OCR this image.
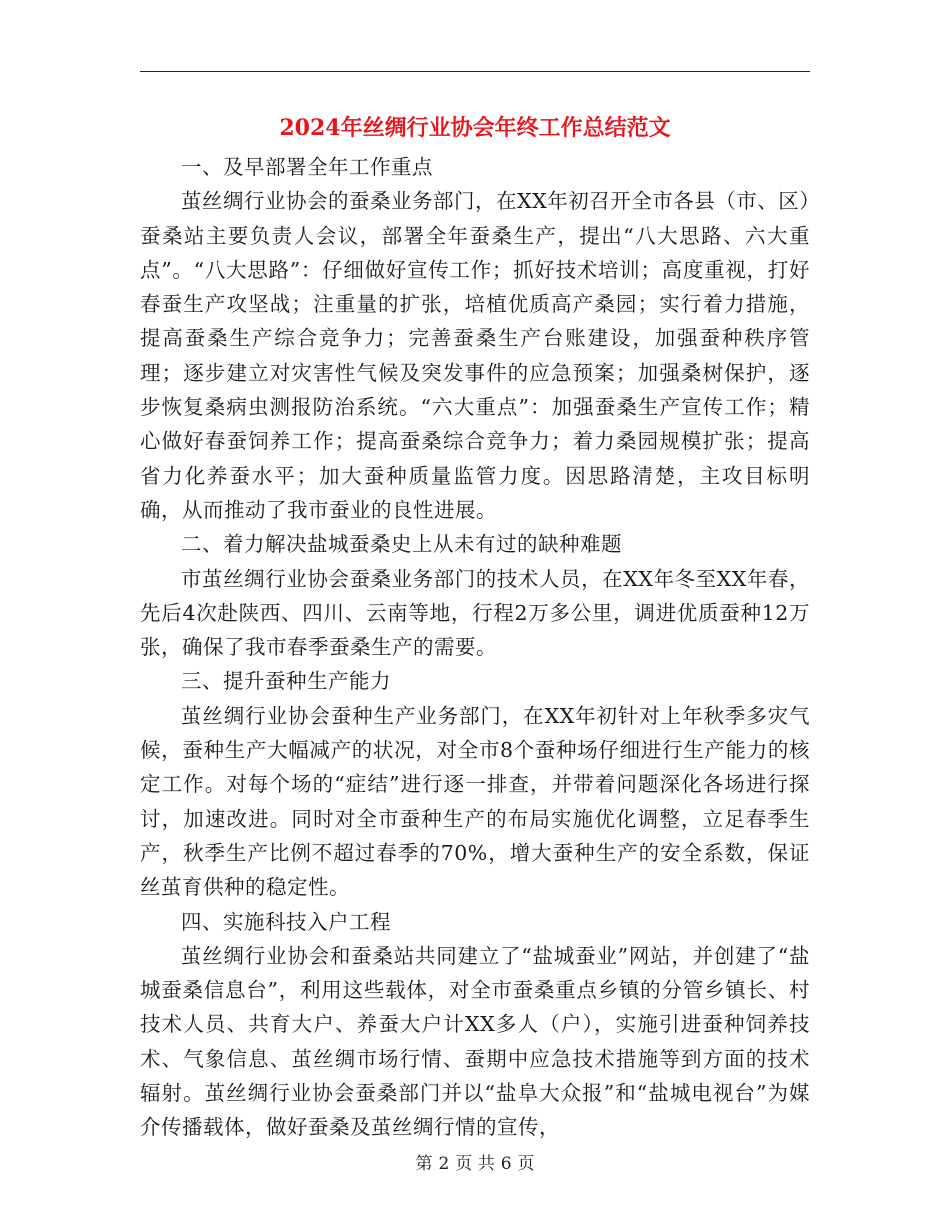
2024年丝绸行业协会年终工作总结范文

一、及早部署全年工作重点

茧丝绸行业协会的蚕桑业务部门，在XX年初召开全市各县（市、区）蚕桑站主要负责人会议，部署全年蚕桑生产，提出“八大思路、六大重点”。“八大思路”：仔细做好宣传工作；抓好技术培训；高度重视，打好春蚕生产攻坚战；注重量的扩张，培植优质高产桑园；实行着力措施，提高蚕桑生产综合竞争力；完善蚕桑生产台账建设，加强蚕种秩序管理；逐步建立对灾害性气候及突发事件的应急预案；加强桑树保护，逐步恢复桑病虫测报防治系统。“六大重点”：加强蚕桑生产宣传工作；精心做好春蚕饲养工作；提高蚕桑综合竞争力；着力桑园规模扩张；提高省力化养蚕水平；加大蚕种质量监管力度。因思路清楚，主攻目标明确，从而推动了我市蚕业的良性进展。

二、着力解决盐城蚕桑史上从未有过的缺种难题

市茧丝绸行业协会蚕桑业务部门的技术人员，在XX年冬至XX年春，先后4次赴陕西、四川、云南等地，行程2万多公里，调进优质蚕种12万张，确保了我市春季蚕桑生产的需要。

三、提升蚕种生产能力

茧丝绸行业协会蚕种生产业务部门，在XX年初针对上年秋季多灾气候，蚕种生产大幅减产的状况，对全市8个蚕种场仔细进行生产能力的核定工作。对每个场的“症结”进行逐一排查，并带着问题深化各场进行探讨，加速改进。同时对全市蚕种生产的布局实施优化调整，立足春季生产，秋季生产比例不超过春季的70%，增大蚕种生产的安全系数，保证丝茧育供种的稳定性。

四、实施科技入户工程

茧丝绸行业协会和蚕桑站共同建立了“盐城蚕业”网站，并创建了“盐城蚕桑信息台”，利用这些载体，对全市蚕桑重点乡镇的分管乡镇长、村技术人员、共育大户、养蚕大户计XX多人（户），实施引进蚕种饲养技术、气象信息、茧丝绸市场行情、蚕期中应急技术措施等到方面的技术辐射。茧丝绸行业协会蚕桑部门并以“盐阜大众报”和“盐城电视台”为媒介传播载体，做好蚕桑及茧丝绸行情的宣传，

第 2 页 共 6 页
